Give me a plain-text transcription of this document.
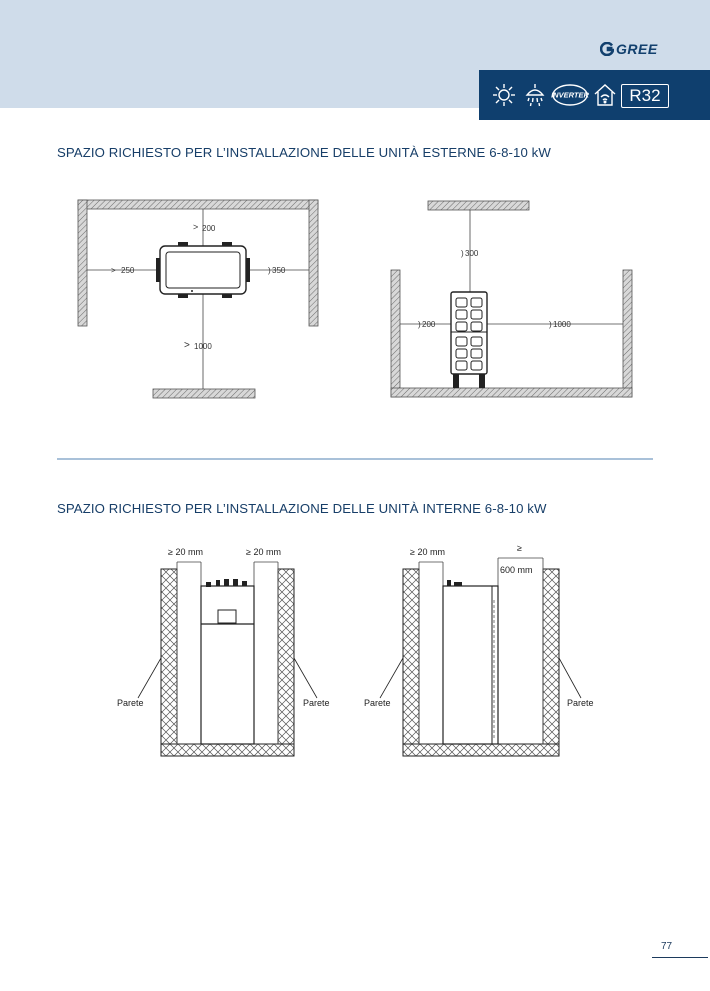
GREE
INVERTER	R32
SPAZIO RICHIESTO PER L’INSTALLAZIONE DELLE UNITÀ ESTERNE 6-8-10 kW
> 200
> 250	) 350
> 1000
) 300
) 200	) 1000
SPAZIO RICHIESTO PER L’INSTALLAZIONE DELLE UNITÀ INTERNE 6-8-10 kW
≥ 20 mm	≥ 20 mm
Parete	Parete
≥ 20 mm	≥
600 mm
Parete	Parete
77
